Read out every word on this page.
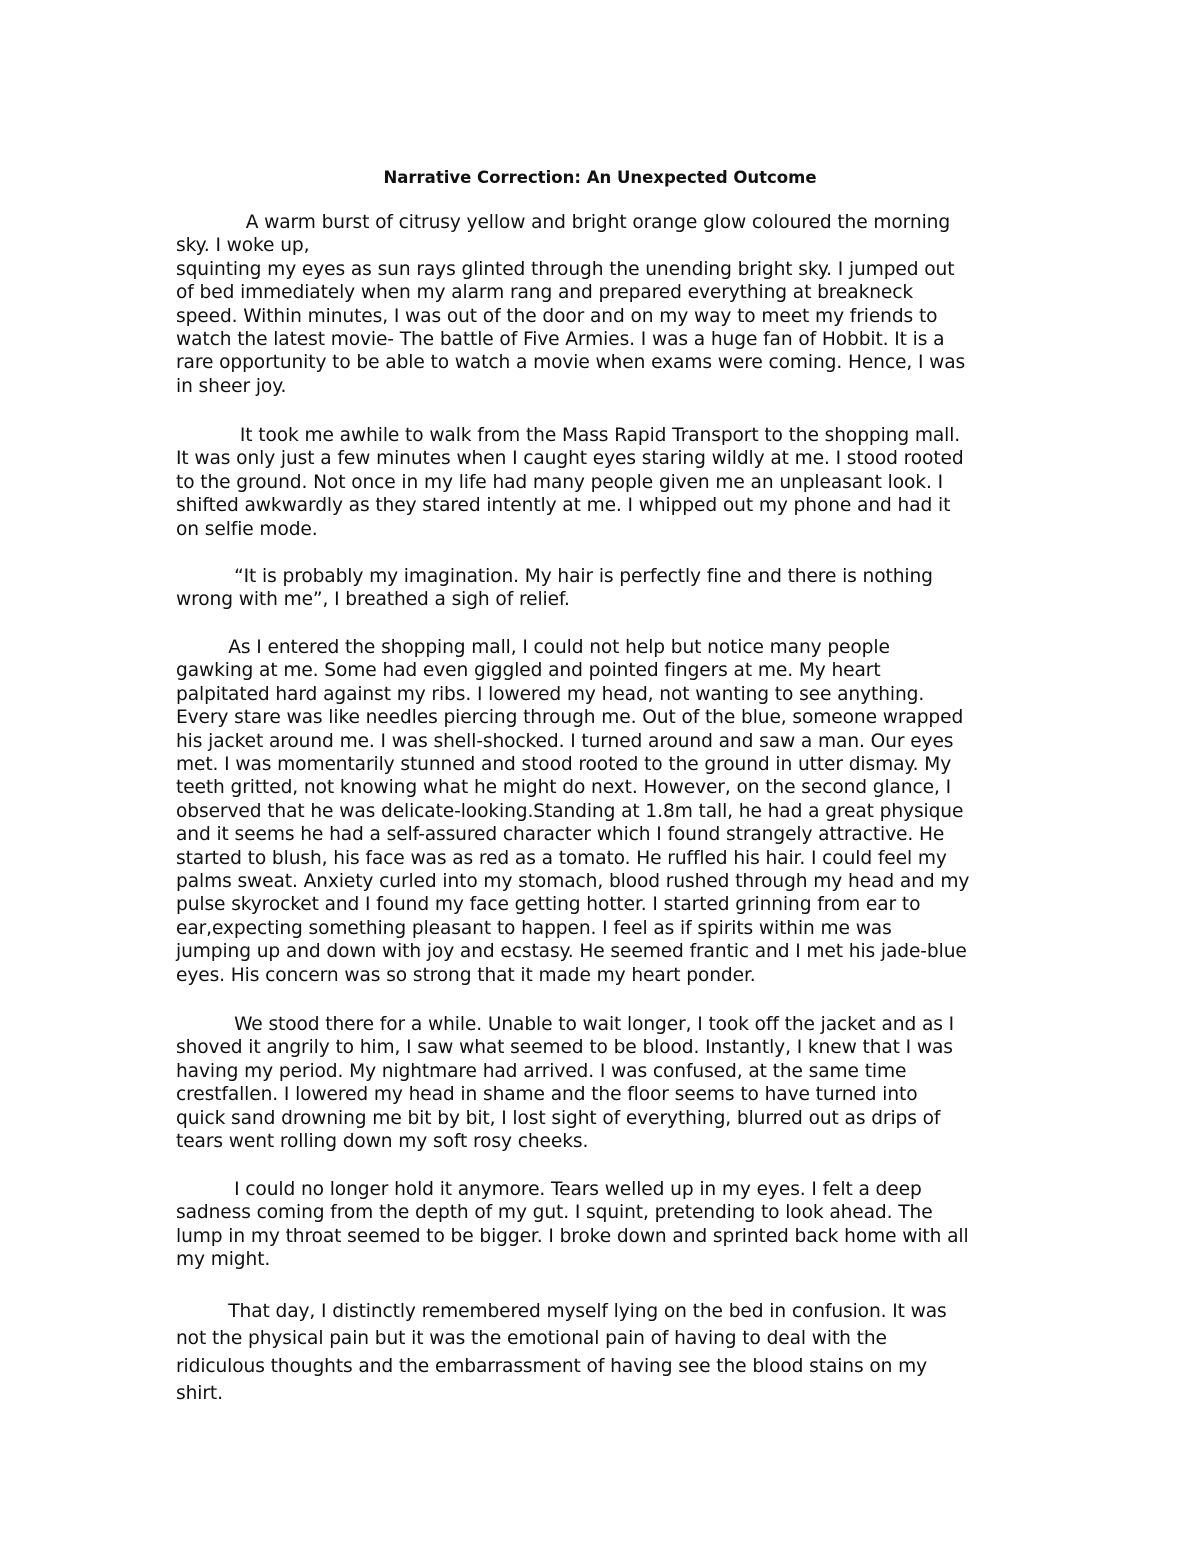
Narrative Correction: An Unexpected Outcome
A warm burst of citrusy yellow and bright orange glow coloured the morning
sky. I woke up,
squinting my eyes as sun rays glinted through the unending bright sky. I jumped out
of bed immediately when my alarm rang and prepared everything at breakneck
speed. Within minutes, I was out of the door and on my way to meet my friends to
watch the latest movie- The battle of Five Armies. I was a huge fan of Hobbit. It is a
rare opportunity to be able to watch a movie when exams were coming. Hence, I was
in sheer joy.
It took me awhile to walk from the Mass Rapid Transport to the shopping mall.
It was only just a few minutes when I caught eyes staring wildly at me. I stood rooted
to the ground. Not once in my life had many people given me an unpleasant look. I
shifted awkwardly as they stared intently at me. I whipped out my phone and had it
on selfie mode.
“It is probably my imagination. My hair is perfectly fine and there is nothing
wrong with me”, I breathed a sigh of relief.
As I entered the shopping mall, I could not help but notice many people
gawking at me. Some had even giggled and pointed fingers at me. My heart
palpitated hard against my ribs. I lowered my head, not wanting to see anything.
Every stare was like needles piercing through me. Out of the blue, someone wrapped
his jacket around me. I was shell-shocked. I turned around and saw a man. Our eyes
met. I was momentarily stunned and stood rooted to the ground in utter dismay. My
teeth gritted, not knowing what he might do next. However, on the second glance, I
observed that he was delicate-looking.Standing at 1.8m tall, he had a great physique
and it seems he had a self-assured character which I found strangely attractive. He
started to blush, his face was as red as a tomato. He ruffled his hair. I could feel my
palms sweat. Anxiety curled into my stomach, blood rushed through my head and my
pulse skyrocket and I found my face getting hotter. I started grinning from ear to
ear,expecting something pleasant to happen. I feel as if spirits within me was
jumping up and down with joy and ecstasy. He seemed frantic and I met his jade-blue
eyes. His concern was so strong that it made my heart ponder.
We stood there for a while. Unable to wait longer, I took off the jacket and as I
shoved it angrily to him, I saw what seemed to be blood. Instantly, I knew that I was
having my period. My nightmare had arrived. I was confused, at the same time
crestfallen. I lowered my head in shame and the floor seems to have turned into
quick sand drowning me bit by bit, I lost sight of everything, blurred out as drips of
tears went rolling down my soft rosy cheeks.
I could no longer hold it anymore. Tears welled up in my eyes. I felt a deep
sadness coming from the depth of my gut. I squint, pretending to look ahead. The
lump in my throat seemed to be bigger. I broke down and sprinted back home with all
my might.
That day, I distinctly remembered myself lying on the bed in confusion. It was
not the physical pain but it was the emotional pain of having to deal with the
ridiculous thoughts and the embarrassment of having see the blood stains on my
shirt.
